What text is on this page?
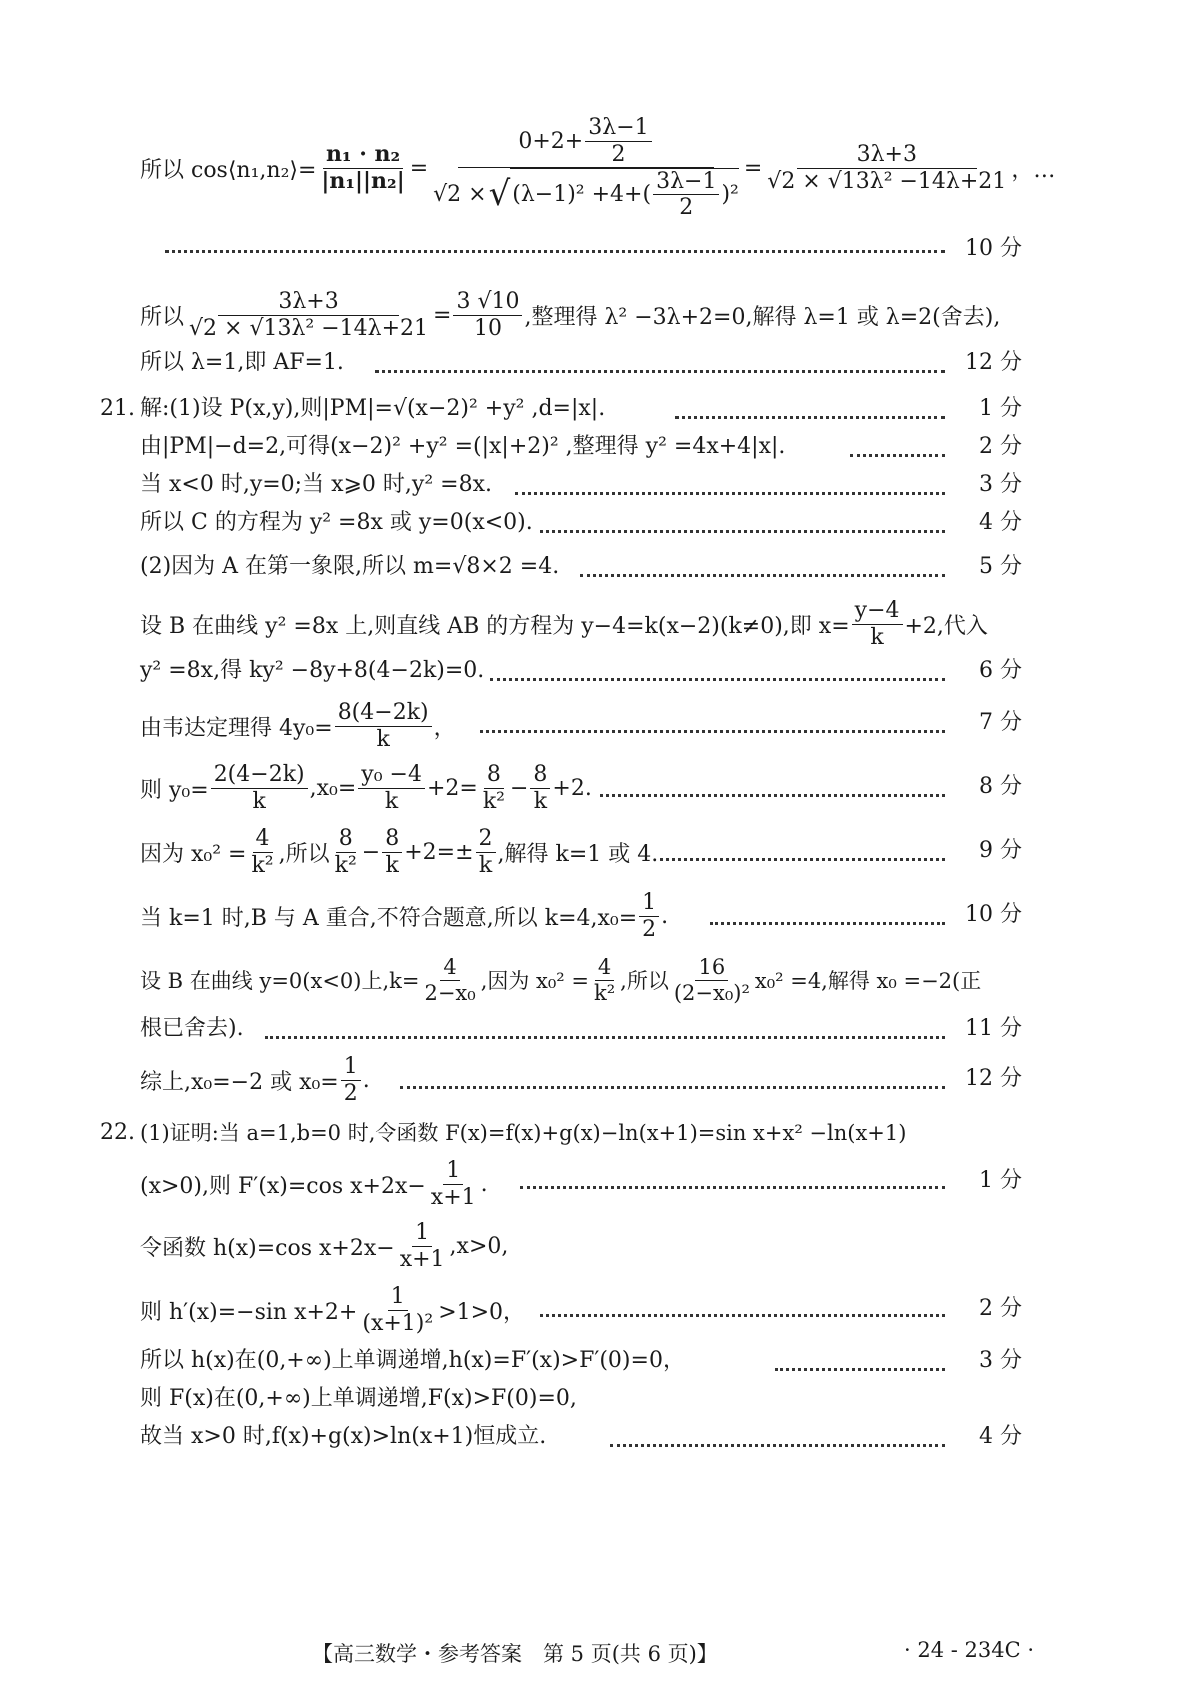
所以 cos⟨n₁,n₂⟩= $\frac{\text{n₁ · n₂}}{\text{|n₁||n₂|}}$ =
$0+2+ \frac{3\lambda-1}{2}$
√2 × √ $(\lambda-1)^2 +4+( \frac{3\lambda-1}{2} )^2$
= $\frac{3\lambda+3}{\text{√2 × √13λ² −14λ+21}}$ ，…
10 分
所以 $\frac{3\lambda+3}{\text{√2 × √13λ² −14λ+21}} = \frac{3 √10}{10}$ ,整理得 λ² −3λ+2=0,解得 λ=1 或 λ=2(舍去),
所以 λ=1,即 AF=1.	12 分
21. 解:(1)设 P(x,y),则|PM|=√(x−2)² +y² ,d=|x|.	1 分
由|PM|−d=2,可得(x−2)² +y² =(|x|+2)² ,整理得 y² =4x+4|x|.	2 分
当 x<0 时,y=0;当 x⩾0 时,y² =8x.	3 分
所以 C 的方程为 y² =8x 或 y=0(x<0).	4 分
(2)因为 A 在第一象限,所以 m=√8×2 =4.	5 分
设 B 在曲线 y² =8x 上,则直线 AB 的方程为 y−4=k(x−2)(k≠0),即 $x= \frac{y-4}{k} +2$,代入
y² =8x,得 ky² −8y+8(4−2k)=0.	6 分
由韦达定理得 $4y_0= \frac{8(4-2k)}{k}$ ，	7 分
则 $y_0= \frac{2(4-2k)}{k} ,x_0= \frac{\text{y₀ −4}}{k} +2= \frac{8}{\text{k²}} - \frac{8}{k} +2$.	8 分
因为 $x_0^2 = \frac{4}{\text{k²}}$ ,所以 $\frac{8}{\text{k²}} - \frac{8}{k} +2=\pm \frac{2}{k}$ ,解得 k=1 或 4.	9 分
当 k=1 时,B 与 A 重合,不符合题意,所以 $k=4,x_0= \frac{1}{2}$ .	10 分
设 B 在曲线 y=0(x<0)上$,k= \frac{4}{\text{2−x₀}}$ ,因为 $x_0^2 = \frac{4}{\text{k²}}$ ,所以 $\frac{16}{\text{(2−x₀)²}} x_0^2 =4$,解得 x₀ =−2(正
根已舍去).	11 分
综上,x₀=−2 或 $x_0= \frac{1}{2}$ .	12 分
22. (1)证明:当 a=1,b=0 时,令函数 F(x)=f(x)+g(x)−ln(x+1)=sin x+x² −ln(x+1)
(x>0),则 F′(x)=cos $x+2x- \frac{1}{x+1}$ .	1 分
令函数 h(x)=cos $x+2x- \frac{1}{x+1} ,x>0$,
则 h′(x)=−sin $x+2+ \frac{1}{\text{(x+1)²}} >1>0$，	2 分
所以 h(x)在(0,+∞)上单调递增,h(x)=F′(x)>F′(0)=0，	3 分
则 F(x)在(0,+∞)上单调递增,F(x)>F(0)=0,
故当 x>0 时,f(x)+g(x)>ln(x+1)恒成立.	4 分
【高三数学・参考答案　第 5 页(共 6 页)】	· 24 - 234C ·
